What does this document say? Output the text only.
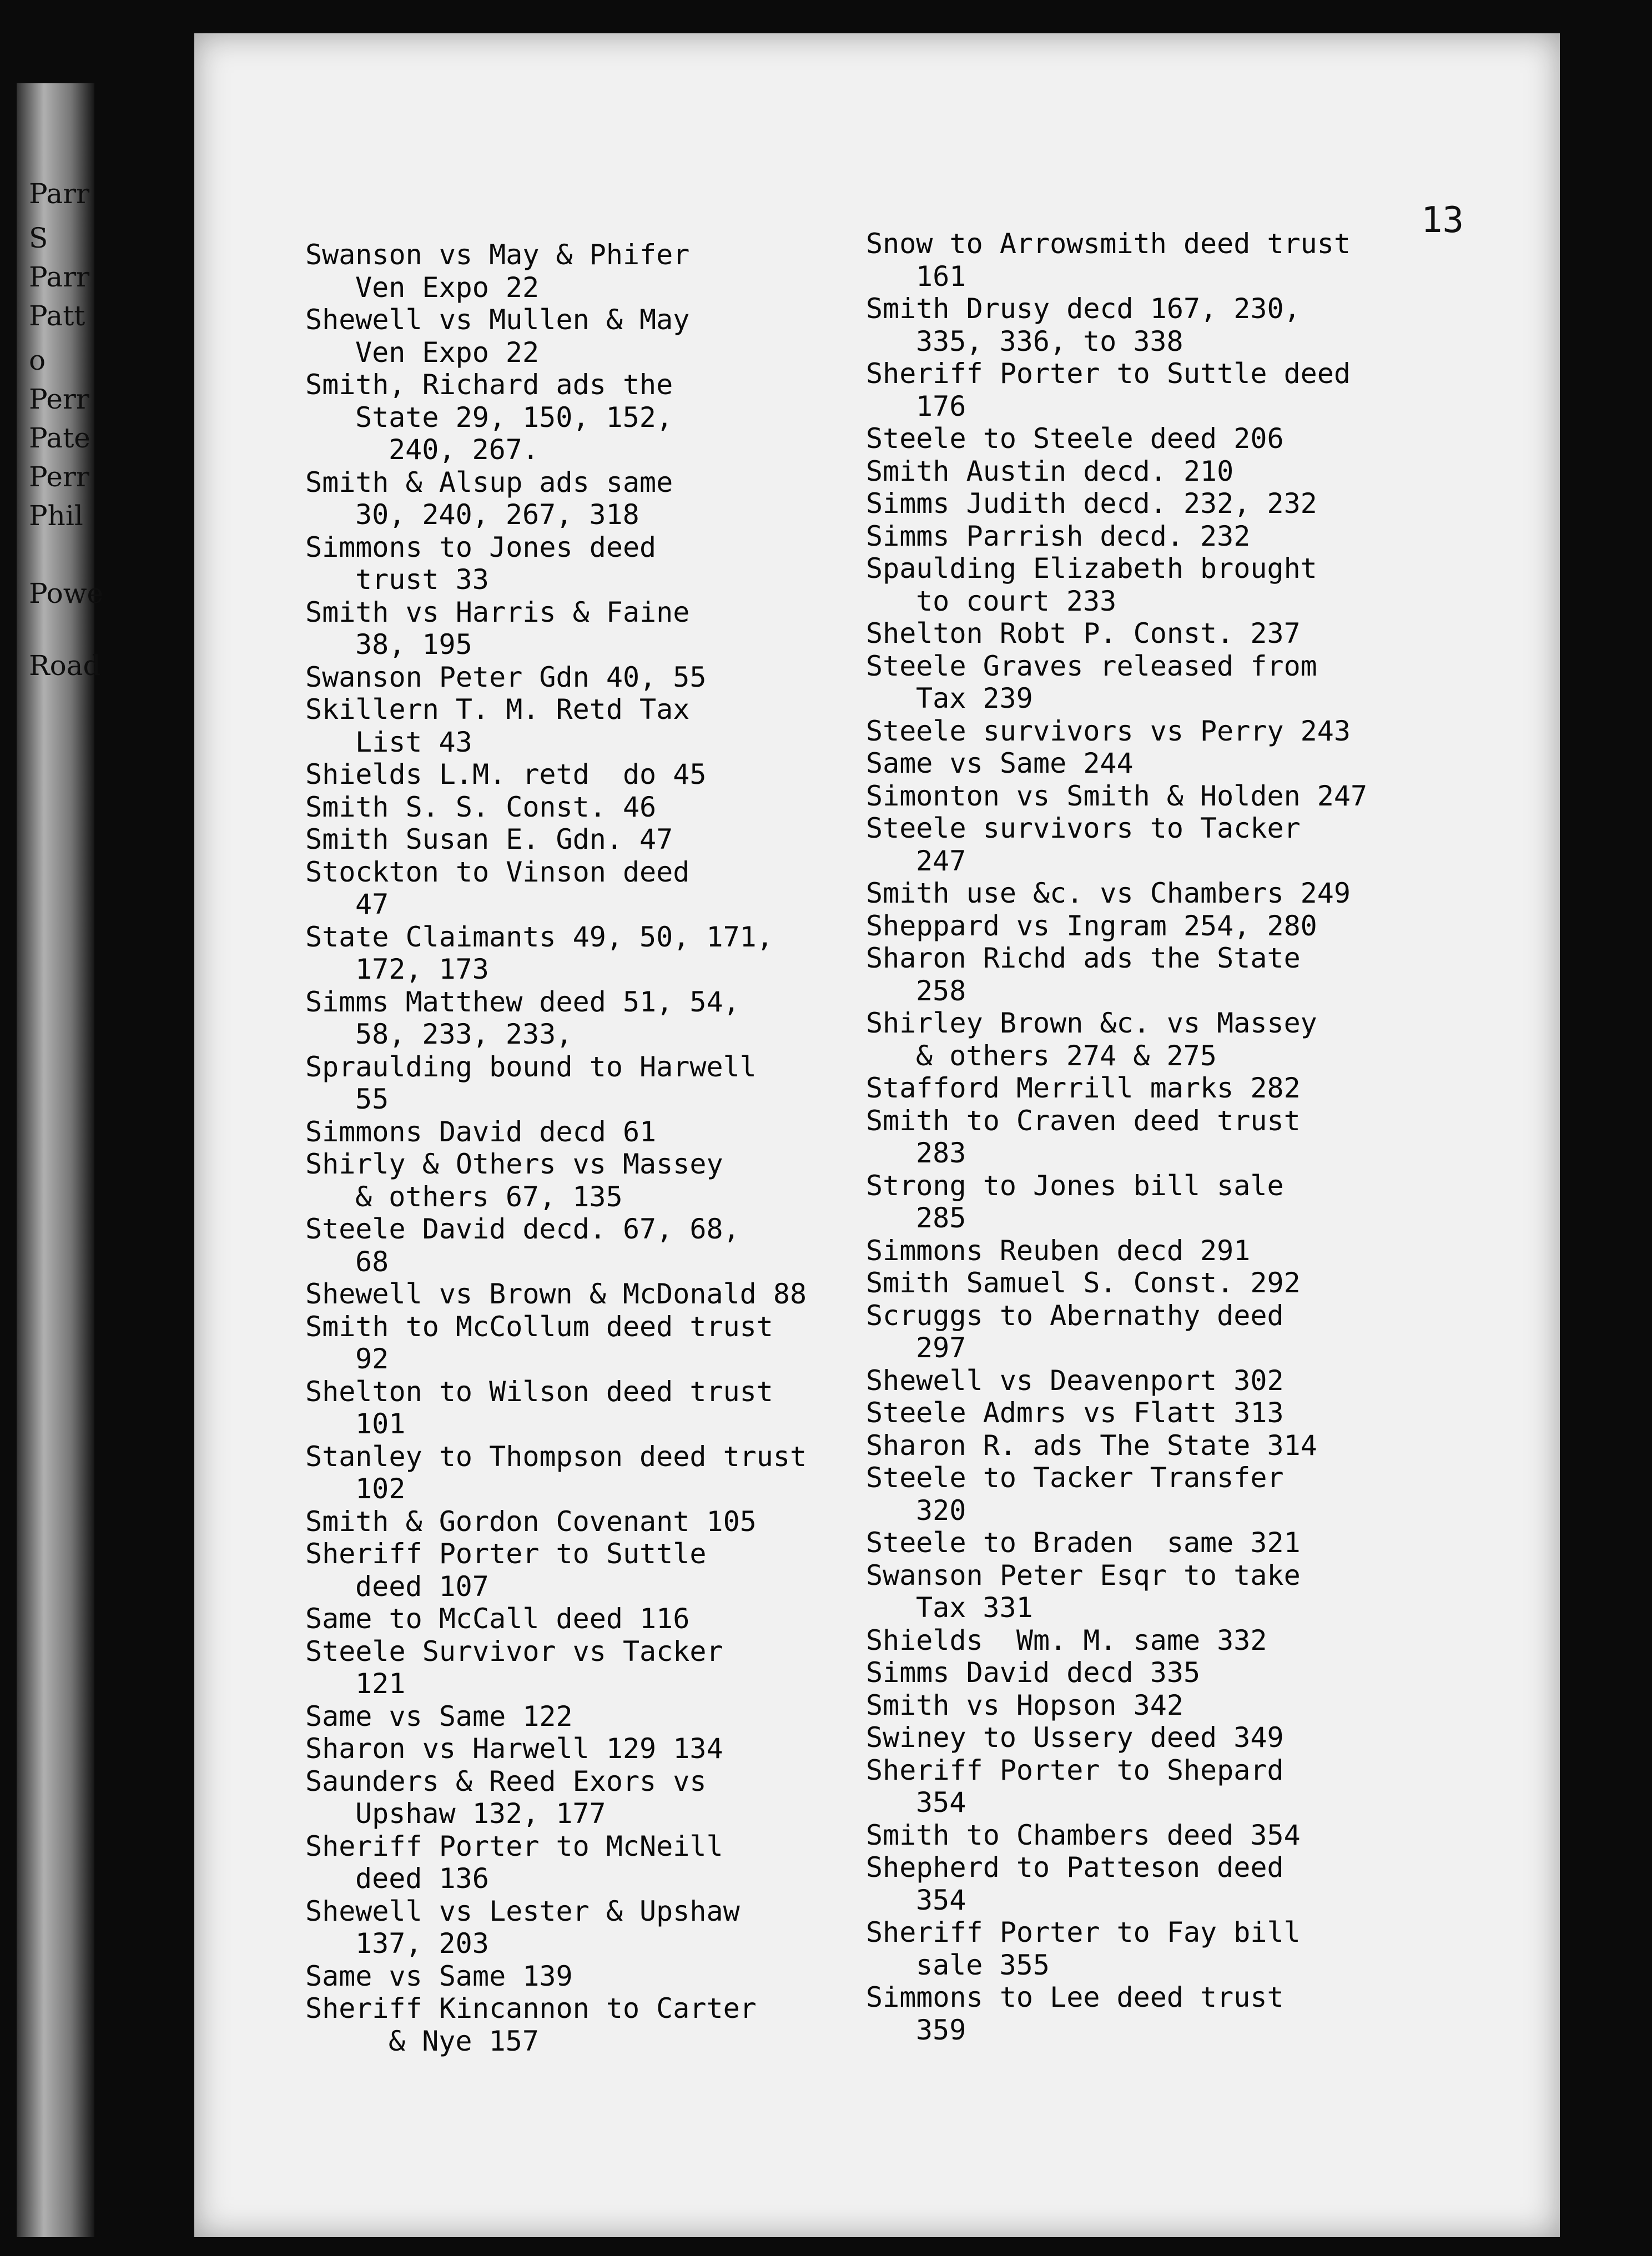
Parr
S
Parr
Patt
o
Perr
Pate
Perr
Phil
Powe
Road
13
Swanson vs May & Phifer
Ven Expo 22
Shewell vs Mullen & May
Ven Expo 22
Smith, Richard ads the
State 29, 150, 152,
240, 267.
Smith & Alsup ads same
30, 240, 267, 318
Simmons to Jones deed
trust 33
Smith vs Harris & Faine
38, 195
Swanson Peter Gdn 40, 55
Skillern T. M. Retd Tax
List 43
Shields L.M. retd  do 45
Smith S. S. Const. 46
Smith Susan E. Gdn. 47
Stockton to Vinson deed
47
State Claimants 49, 50, 171,
172, 173
Simms Matthew deed 51, 54,
58, 233, 233,
Spraulding bound to Harwell
55
Simmons David decd 61
Shirly & Others vs Massey
& others 67, 135
Steele David decd. 67, 68,
68
Shewell vs Brown & McDonald 88
Smith to McCollum deed trust
92
Shelton to Wilson deed trust
101
Stanley to Thompson deed trust
102
Smith & Gordon Covenant 105
Sheriff Porter to Suttle
deed 107
Same to McCall deed 116
Steele Survivor vs Tacker
121
Same vs Same 122
Sharon vs Harwell 129 134
Saunders & Reed Exors vs
Upshaw 132, 177
Sheriff Porter to McNeill
deed 136
Shewell vs Lester & Upshaw
137, 203
Same vs Same 139
Sheriff Kincannon to Carter
& Nye 157
Snow to Arrowsmith deed trust
161
Smith Drusy decd 167, 230,
335, 336, to 338
Sheriff Porter to Suttle deed
176
Steele to Steele deed 206
Smith Austin decd. 210
Simms Judith decd. 232, 232
Simms Parrish decd. 232
Spaulding Elizabeth brought
to court 233
Shelton Robt P. Const. 237
Steele Graves released from
Tax 239
Steele survivors vs Perry 243
Same vs Same 244
Simonton vs Smith & Holden 247
Steele survivors to Tacker
247
Smith use &c. vs Chambers 249
Sheppard vs Ingram 254, 280
Sharon Richd ads the State
258
Shirley Brown &c. vs Massey
& others 274 & 275
Stafford Merrill marks 282
Smith to Craven deed trust
283
Strong to Jones bill sale
285
Simmons Reuben decd 291
Smith Samuel S. Const. 292
Scruggs to Abernathy deed
297
Shewell vs Deavenport 302
Steele Admrs vs Flatt 313
Sharon R. ads The State 314
Steele to Tacker Transfer
320
Steele to Braden  same 321
Swanson Peter Esqr to take
Tax 331
Shields  Wm. M. same 332
Simms David decd 335
Smith vs Hopson 342
Swiney to Ussery deed 349
Sheriff Porter to Shepard
354
Smith to Chambers deed 354
Shepherd to Patteson deed
354
Sheriff Porter to Fay bill
sale 355
Simmons to Lee deed trust
359
